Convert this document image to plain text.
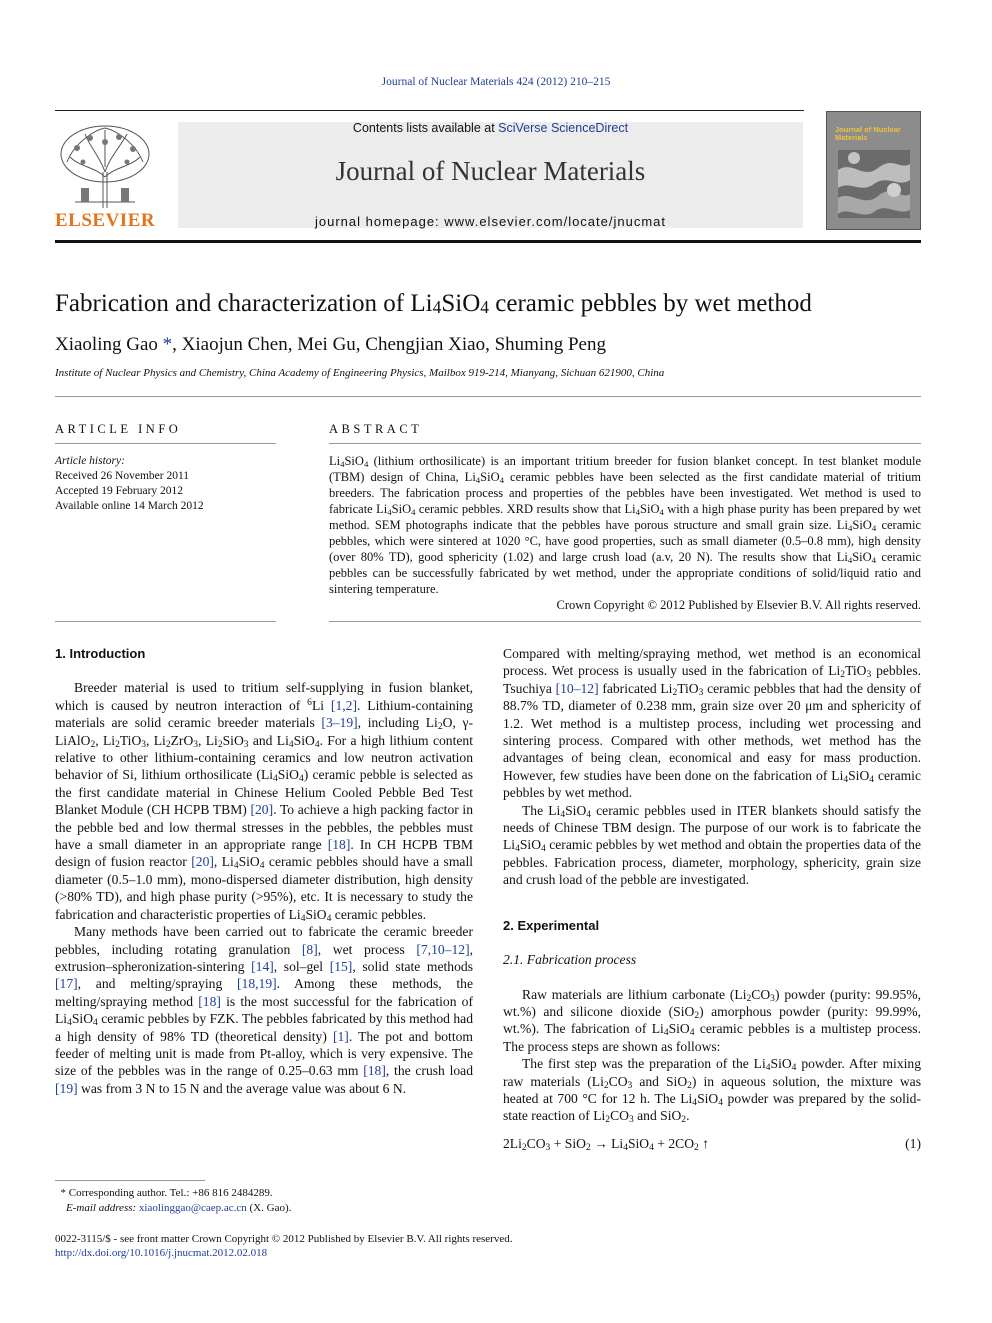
Journal of Nuclear Materials 424 (2012) 210–215
ELSEVIER
Contents lists available at SciVerse ScienceDirect
Journal of Nuclear Materials
journal homepage: www.elsevier.com/locate/jnucmat
Journal of Nuclear Materials
Fabrication and characterization of $Li_4SiO_4$ ceramic pebbles by wet method
Xiaoling Gao *, Xiaojun Chen, Mei Gu, Chengjian Xiao, Shuming Peng
Institute of Nuclear Physics and Chemistry, China Academy of Engineering Physics, Mailbox 919-214, Mianyang, Sichuan 621900, China
ARTICLE INFO	ABSTRACT
Article history:
Received 26 November 2011
Accepted 19 February 2012
Available online 14 March 2012
$Li_4SiO_4$ (lithium orthosilicate) is an important tritium breeder for fusion blanket concept. In test blanket module (TBM) design of China, $Li_4SiO_4$ ceramic pebbles have been selected as the first candidate material of tritium breeders. The fabrication process and properties of the pebbles have been investigated. Wet method is used to fabricate $Li_4SiO_4$ ceramic pebbles. XRD results show that $Li_4SiO_4$ with a high phase purity has been prepared by wet method. SEM photographs indicate that the pebbles have porous structure and small grain size. $Li_4SiO_4$ ceramic pebbles, which were sintered at 1020 °C, have good properties, such as small diameter (0.5–0.8 mm), high density (over 80% TD), good sphericity (1.02) and large crush load (a.v, 20 N). The results show that $Li_4SiO_4$ ceramic pebbles can be successfully fabricated by wet method, under the appropriate conditions of solid/liquid ratio and sintering temperature.
Crown Copyright © 2012 Published by Elsevier B.V. All rights reserved.

1. Introduction

Breeder material is used to tritium self-supplying in fusion blanket, which is caused by neutron interaction of $^6$Li [1,2]. Lithium-containing materials are solid ceramic breeder materials [3–19], including $Li_2O$, γ-LiAlO$_2$, $Li_2TiO_3$, $Li_2ZrO_3$, $Li_2SiO_3$ and $Li_4SiO_4$. For a high lithium content relative to other lithium-containing ceramics and low neutron activation behavior of Si, lithium orthosilicate $(Li_4SiO_4)$ ceramic pebble is selected as the first candidate material in Chinese Helium Cooled Pebble Bed Test Blanket Module (CH HCPB TBM) [20]. To achieve a high packing factor in the pebble bed and low thermal stresses in the pebbles, the pebbles must have a small diameter in an appropriate range [18]. In CH HCPB TBM design of fusion reactor [20], $Li_4SiO_4$ ceramic pebbles should have a small diameter (0.5–1.0 mm), mono-dispersed diameter distribution, high density (>80% TD), and high phase purity (>95%), etc. It is necessary to study the fabrication and characteristic properties of $Li_4SiO_4$ ceramic pebbles.

Many methods have been carried out to fabricate the ceramic breeder pebbles, including rotating granulation [8], wet process [7,10–12], extrusion–spheronization-sintering [14], sol–gel [15], solid state methods [17], and melting/spraying [18,19]. Among these methods, the melting/spraying method [18] is the most successful for the fabrication of $Li_4SiO_4$ ceramic pebbles by FZK. The pebbles fabricated by this method had a high density of 98% TD (theoretical density) [1]. The pot and bottom feeder of melting unit is made from Pt-alloy, which is very expensive. The size of the pebbles was in the range of 0.25–0.63 mm [18], the crush load [19] was from 3 N to 15 N and the average value was about 6 N.

Compared with melting/spraying method, wet method is an economical process. Wet process is usually used in the fabrication of $Li_2TiO_3$ pebbles. Tsuchiya [10–12] fabricated $Li_2TiO_3$ ceramic pebbles that had the density of 88.7% TD, diameter of 0.238 mm, grain size over 20 μm and sphericity of 1.2. Wet method is a multistep process, including wet processing and sintering process. Compared with other methods, wet method has the advantages of being clean, economical and easy for mass production. However, few studies have been done on the fabrication of $Li_4SiO_4$ ceramic pebbles by wet method.

The $Li_4SiO_4$ ceramic pebbles used in ITER blankets should satisfy the needs of Chinese TBM design. The purpose of our work is to fabricate the $Li_4SiO_4$ ceramic pebbles by wet method and obtain the properties data of the pebbles. Fabrication process, diameter, morphology, sphericity, grain size and crush load of the pebble are investigated.

2. Experimental

2.1. Fabrication process

Raw materials are lithium carbonate $(Li_2CO_3)$ powder (purity: 99.95%, wt.%) and silicone dioxide (SiO$_2$) amorphous powder (purity: 99.99%, wt.%). The fabrication of $Li_4SiO_4$ ceramic pebbles is a multistep process. The process steps are shown as follows:

The first step was the preparation of the $Li_4SiO_4$ powder. After mixing raw materials ($Li_2CO_3$ and SiO$_2$) in aqueous solution, the mixture was heated at 700 °C for 12 h. The $Li_4SiO_4$ powder was prepared by the solid-state reaction of $Li_2CO_3$ and SiO$_2$.

$2Li_2CO_3 + SiO_2 \to Li_4SiO_4 + 2CO_2$ ↑	(1)
* Corresponding author. Tel.: +86 816 2484289.
E-mail address: xiaolinggao@caep.ac.cn (X. Gao).
0022-3115/$ - see front matter Crown Copyright © 2012 Published by Elsevier B.V. All rights reserved.
http://dx.doi.org/10.1016/j.jnucmat.2012.02.018
